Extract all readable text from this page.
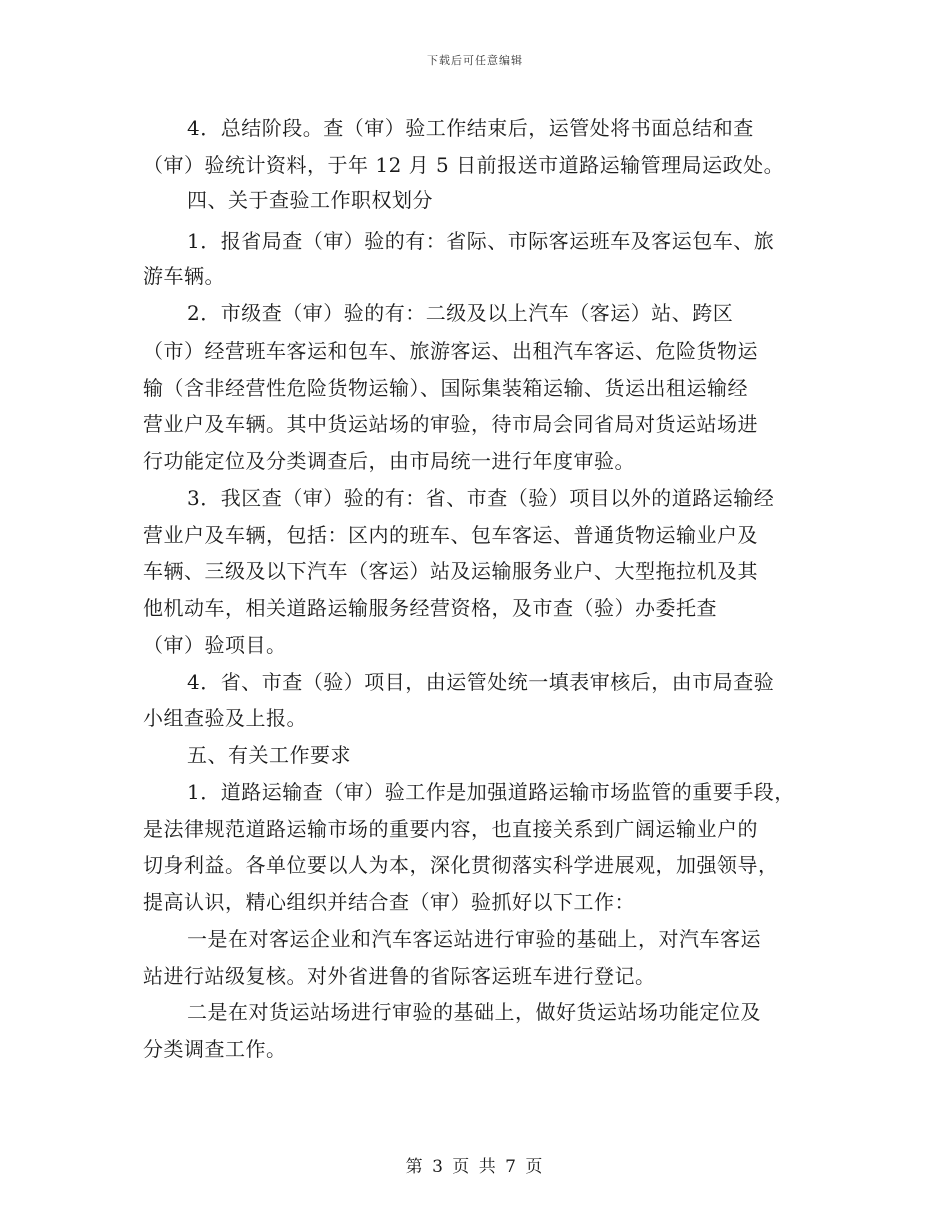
下载后可任意编辑
4．总结阶段。查（审）验工作结束后，运管处将书面总结和查
（审）验统计资料，于年 12 月 5 日前报送市道路运输管理局运政处。
四、关于查验工作职权划分
1．报省局查（审）验的有：省际、市际客运班车及客运包车、旅
游车辆。
2．市级查（审）验的有：二级及以上汽车（客运）站、跨区
（市）经营班车客运和包车、旅游客运、出租汽车客运、危险货物运
输（含非经营性危险货物运输）、国际集装箱运输、货运出租运输经
营业户及车辆。其中货运站场的审验，待市局会同省局对货运站场进
行功能定位及分类调查后，由市局统一进行年度审验。
3．我区查（审）验的有：省、市查（验）项目以外的道路运输经
营业户及车辆，包括：区内的班车、包车客运、普通货物运输业户及
车辆、三级及以下汽车（客运）站及运输服务业户、大型拖拉机及其
他机动车，相关道路运输服务经营资格，及市查（验）办委托查
（审）验项目。
4．省、市查（验）项目，由运管处统一填表审核后，由市局查验
小组查验及上报。
五、有关工作要求
1．道路运输查（审）验工作是加强道路运输市场监管的重要手段，
是法律规范道路运输市场的重要内容，也直接关系到广阔运输业户的
切身利益。各单位要以人为本，深化贯彻落实科学进展观，加强领导，
提高认识，精心组织并结合查（审）验抓好以下工作：
一是在对客运企业和汽车客运站进行审验的基础上，对汽车客运
站进行站级复核。对外省进鲁的省际客运班车进行登记。
二是在对货运站场进行审验的基础上，做好货运站场功能定位及
分类调查工作。
第 3 页 共 7 页
